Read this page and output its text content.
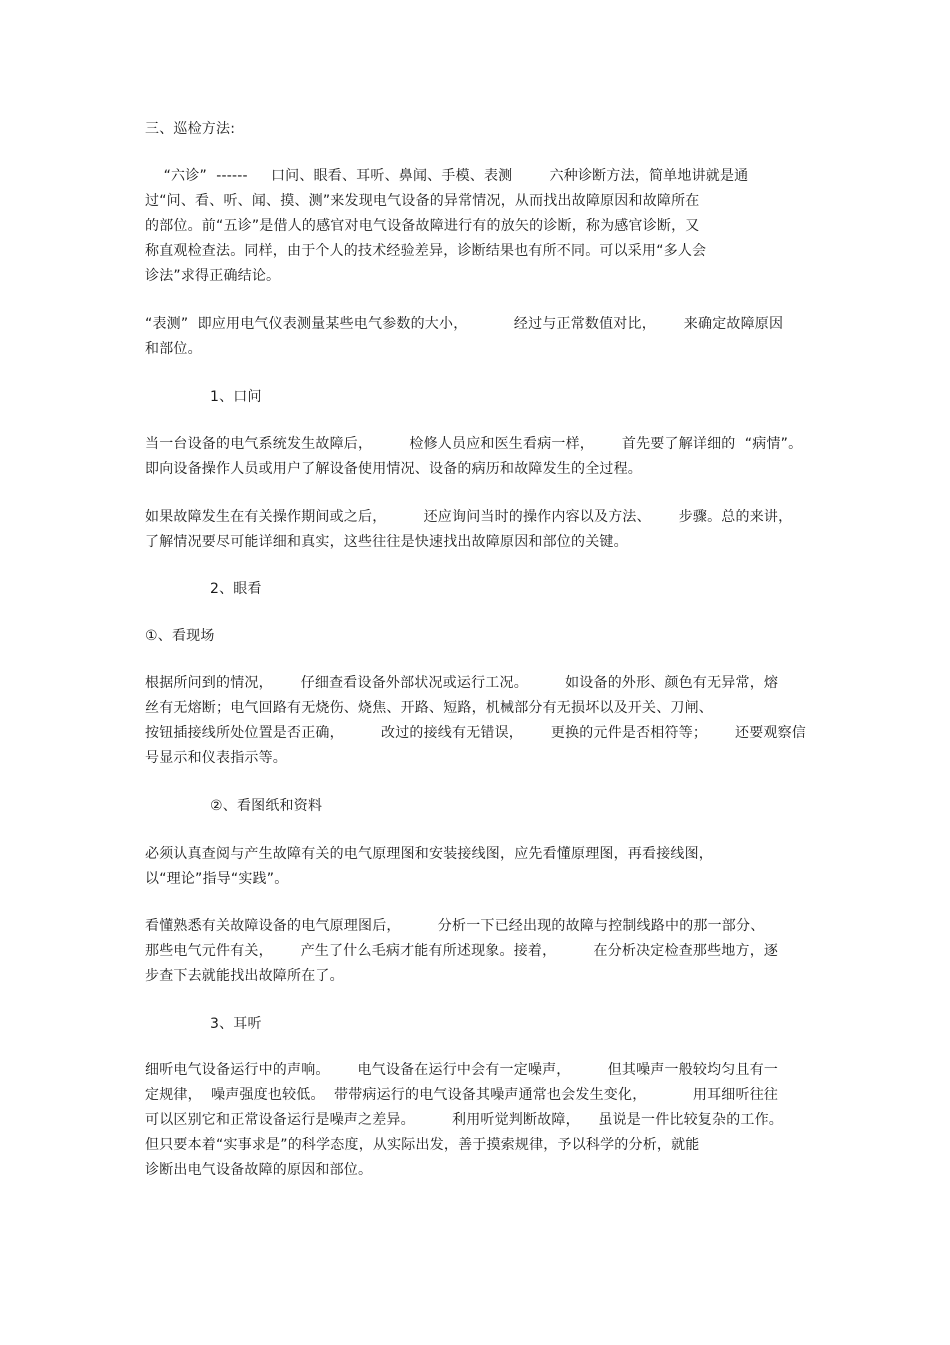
三、巡检方法:
“六诊”  ------     口问、眼看、耳听、鼻闻、手模、表测        六种诊断方法，简单地讲就是通
过“问、看、听、闻、摸、测”来发现电气设备的异常情况，从而找出故障原因和故障所在
的部位。前“五诊”是借人的感官对电气设备故障进行有的放矢的诊断，称为感官诊断，又
称直观检查法。同样，由于个人的技术经验差异，诊断结果也有所不同。可以采用“多人会
诊法”求得正确结论。
“表测”  即应用电气仪表测量某些电气参数的大小，          经过与正常数值对比，      来确定故障原因
和部位。
1、口问
当一台设备的电气系统发生故障后，        检修人员应和医生看病一样，      首先要了解详细的  “病情”。
即向设备操作人员或用户了解设备使用情况、设备的病历和故障发生的全过程。
如果故障发生在有关操作期间或之后，        还应询问当时的操作内容以及方法、      步骤。总的来讲，
了解情况要尽可能详细和真实，这些往往是快速找出故障原因和部位的关键。
2、眼看
①、看现场
根据所问到的情况，      仔细查看设备外部状况或运行工况。        如设备的外形、颜色有无异常，熔
丝有无熔断；电气回路有无烧伤、烧焦、开路、短路，机械部分有无损坏以及开关、刀闸、
按钮插接线所处位置是否正确，        改过的接线有无错误，      更换的元件是否相符等；      还要观察信
号显示和仪表指示等。
②、看图纸和资料
必须认真查阅与产生故障有关的电气原理图和安装接线图，应先看懂原理图，再看接线图，
以“理论”指导“实践”。
看懂熟悉有关故障设备的电气原理图后，        分析一下已经出现的故障与控制线路中的那一部分、
那些电气元件有关，      产生了什么毛病才能有所述现象。接着，        在分析决定检查那些地方，逐
步查下去就能找出故障所在了。
3、耳听
细听电气设备运行中的声响。      电气设备在运行中会有一定噪声，        但其噪声一般较均匀且有一
定规律，  噪声强度也较低。  带带病运行的电气设备其噪声通常也会发生变化，          用耳细听往往
可以区别它和正常设备运行是噪声之差异。        利用听觉判断故障，    虽说是一件比较复杂的工作。
但只要本着“实事求是”的科学态度，从实际出发，善于摸索规律，予以科学的分析，就能
诊断出电气设备故障的原因和部位。
